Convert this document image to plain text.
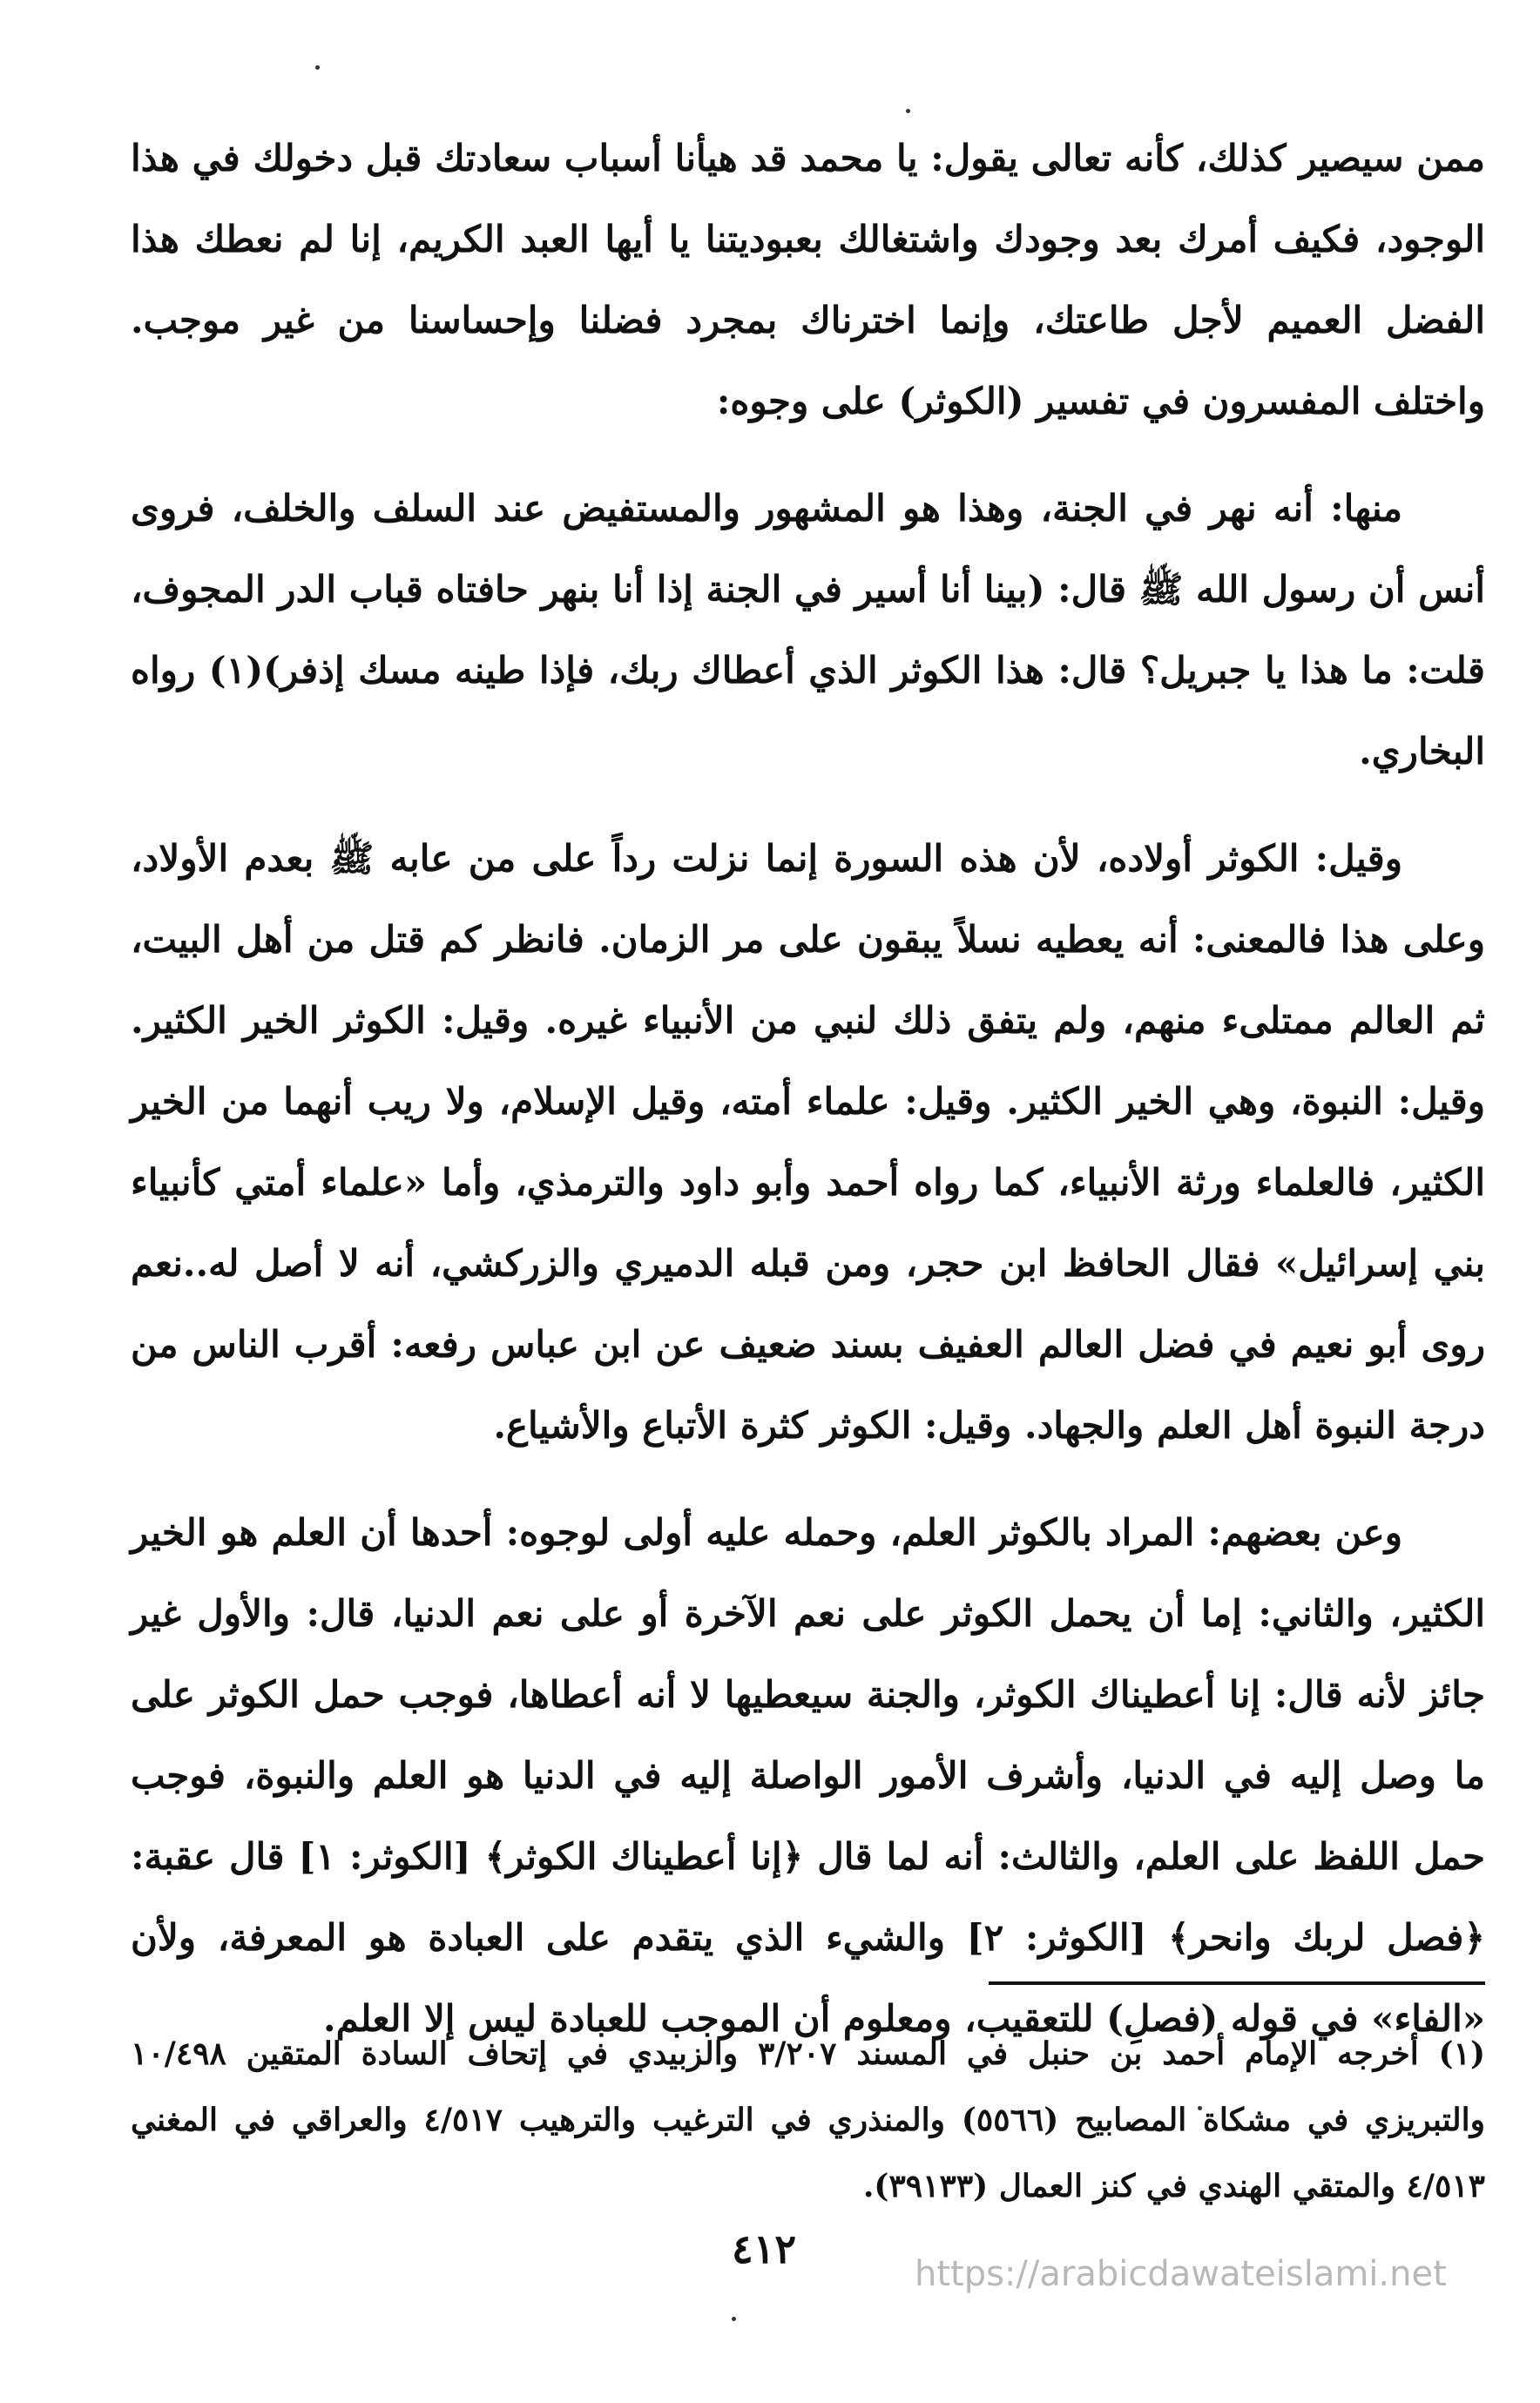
ممن سيصير كذلك، كأنه تعالى يقول: يا محمد قد هيأنا أسباب سعادتك قبل دخولك في هذا الوجود، فكيف أمرك بعد وجودك واشتغالك بعبوديتنا يا أيها العبد الكريم، إنا لم نعطك هذا الفضل العميم لأجل طاعتك، وإنما اخترناك بمجرد فضلنا وإحساسنا من غير موجب. واختلف المفسرون في تفسير (الكوثر) على وجوه:

منها: أنه نهر في الجنة، وهذا هو المشهور والمستفيض عند السلف والخلف، فروى أنس أن رسول الله ﷺ قال: (بينا أنا أسير في الجنة إذا أنا بنهر حافتاه قباب الدر المجوف، قلت: ما هذا يا جبريل؟ قال: هذا الكوثر الذي أعطاك ربك، فإذا طينه مسك إذفر)(١) رواه البخاري.

وقيل: الكوثر أولاده، لأن هذه السورة إنما نزلت رداً على من عابه ﷺ بعدم الأولاد، وعلى هذا فالمعنى: أنه يعطيه نسلاً يبقون على مر الزمان. فانظر كم قتل من أهل البيت، ثم العالم ممتلىء منهم، ولم يتفق ذلك لنبي من الأنبياء غيره. وقيل: الكوثر الخير الكثير. وقيل: النبوة، وهي الخير الكثير. وقيل: علماء أمته، وقيل الإسلام، ولا ريب أنهما من الخير الكثير، فالعلماء ورثة الأنبياء، كما رواه أحمد وأبو داود والترمذي، وأما «علماء أمتي كأنبياء بني إسرائيل» فقال الحافظ ابن حجر، ومن قبله الدميري والزركشي، أنه لا أصل له..نعم روى أبو نعيم في فضل العالم العفيف بسند ضعيف عن ابن عباس رفعه: أقرب الناس من درجة النبوة أهل العلم والجهاد. وقيل: الكوثر كثرة الأتباع والأشياع.

وعن بعضهم: المراد بالكوثر العلم، وحمله عليه أولى لوجوه: أحدها أن العلم هو الخير الكثير، والثاني: إما أن يحمل الكوثر على نعم الآخرة أو على نعم الدنيا، قال: والأول غير جائز لأنه قال: إنا أعطيناك الكوثر، والجنة سيعطيها لا أنه أعطاها، فوجب حمل الكوثر على ما وصل إليه في الدنيا، وأشرف الأمور الواصلة إليه في الدنيا هو العلم والنبوة، فوجب حمل اللفظ على العلم، والثالث: أنه لما قال ﴿إنا أعطيناك الكوثر﴾ [الكوثر: ١] قال عقبة: ﴿فصل لربك وانحر﴾ [الكوثر: ٢] والشيء الذي يتقدم على العبادة هو المعرفة، ولأن «الفاء» في قوله (فصلِ) للتعقيب، ومعلوم أن الموجب للعبادة ليس إلا العلم.

(١) أخرجه الإمام أحمد بن حنبل في المسند ٣/٢٠٧ والزبيدي في إتحاف السادة المتقين ١٠/٤٩٨ والتبريزي في مشكاة المصابيح (٥٥٦٦) والمنذري في الترغيب والترهيب ٤/٥١٧ والعراقي في المغني ٤/٥١٣ والمتقي الهندي في كنز العمال (٣٩١٣٣).
٤١٢
https://arabicdawateislami.net
